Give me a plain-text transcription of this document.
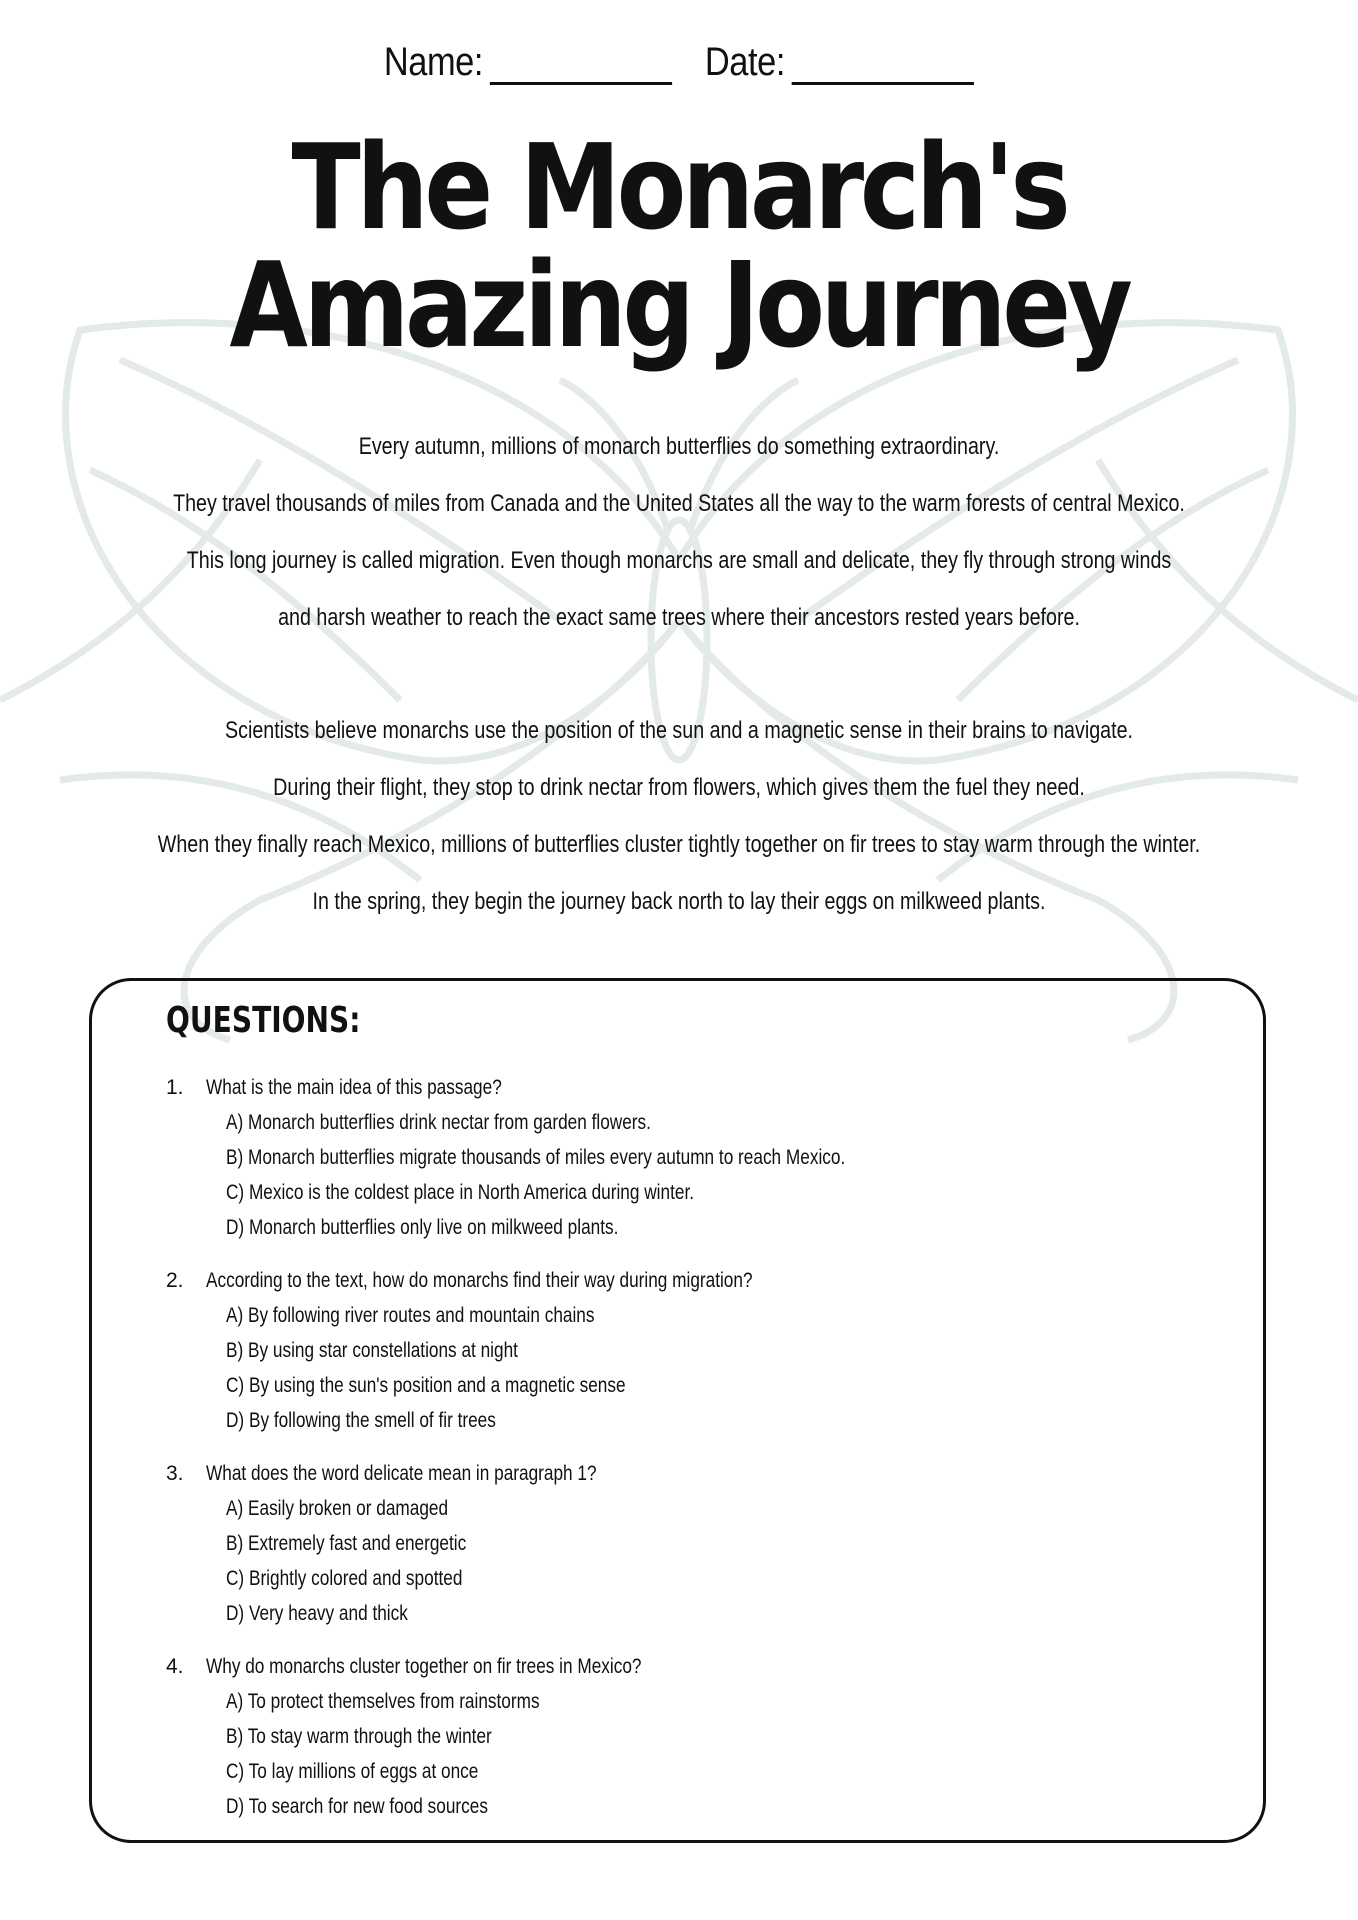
Name:	Date:
The Monarch's
Amazing Journey
Every autumn, millions of monarch butterflies do something extraordinary.
They travel thousands of miles from Canada and the United States all the way to the warm forests of central Mexico.
This long journey is called migration. Even though monarchs are small and delicate, they fly through strong winds
and harsh weather to reach the exact same trees where their ancestors rested years before.
Scientists believe monarchs use the position of the sun and a magnetic sense in their brains to navigate.
During their flight, they stop to drink nectar from flowers, which gives them the fuel they need.
When they finally reach Mexico, millions of butterflies cluster tightly together on fir trees to stay warm through the winter.
In the spring, they begin the journey back north to lay their eggs on milkweed plants.
QUESTIONS:
1.	What is the main idea of this passage?
A) Monarch butterflies drink nectar from garden flowers.
B) Monarch butterflies migrate thousands of miles every autumn to reach Mexico.
C) Mexico is the coldest place in North America during winter.
D) Monarch butterflies only live on milkweed plants.
2.	According to the text, how do monarchs find their way during migration?
A) By following river routes and mountain chains
B) By using star constellations at night
C) By using the sun's position and a magnetic sense
D) By following the smell of fir trees
3.	What does the word delicate mean in paragraph 1?
A) Easily broken or damaged
B) Extremely fast and energetic
C) Brightly colored and spotted
D) Very heavy and thick
4.	Why do monarchs cluster together on fir trees in Mexico?
A) To protect themselves from rainstorms
B) To stay warm through the winter
C) To lay millions of eggs at once
D) To search for new food sources
